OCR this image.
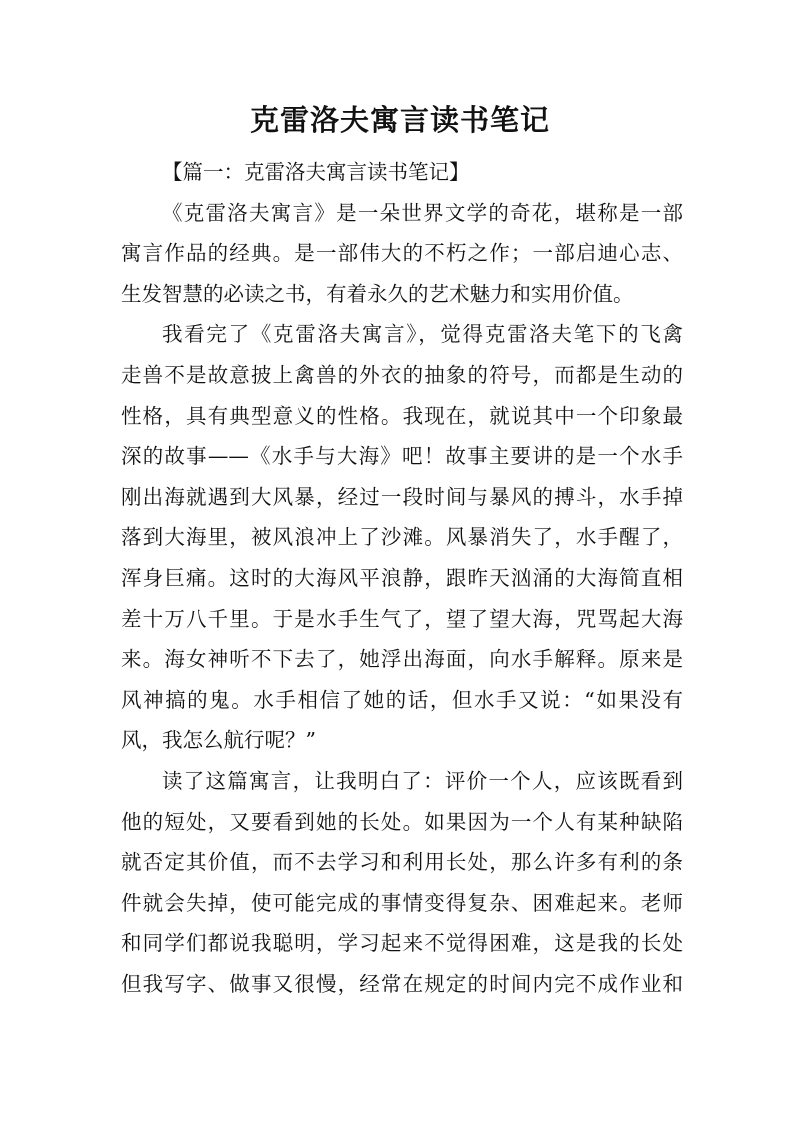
克雷洛夫寓言读书笔记
【篇一：克雷洛夫寓言读书笔记】
《克雷洛夫寓言》是一朵世界文学的奇花，堪称是一部
寓言作品的经典。是一部伟大的不朽之作；一部启迪心志、
生发智慧的必读之书，有着永久的艺术魅力和实用价值。
我看完了《克雷洛夫寓言》，觉得克雷洛夫笔下的飞禽
走兽不是故意披上禽兽的外衣的抽象的符号，而都是生动的
性格，具有典型意义的性格。我现在，就说其中一个印象最
深的故事——《水手与大海》吧！故事主要讲的是一个水手
刚出海就遇到大风暴，经过一段时间与暴风的搏斗，水手掉
落到大海里，被风浪冲上了沙滩。风暴消失了，水手醒了，
浑身巨痛。这时的大海风平浪静，跟昨天汹涌的大海简直相
差十万八千里。于是水手生气了，望了望大海，咒骂起大海
来。海女神听不下去了，她浮出海面，向水手解释。原来是
风神搞的鬼。水手相信了她的话，但水手又说：“如果没有
风，我怎么航行呢？”
读了这篇寓言，让我明白了：评价一个人，应该既看到
他的短处，又要看到她的长处。如果因为一个人有某种缺陷
就否定其价值，而不去学习和利用长处，那么许多有利的条
件就会失掉，使可能完成的事情变得复杂、困难起来。老师
和同学们都说我聪明，学习起来不觉得困难，这是我的长处
但我写字、做事又很慢，经常在规定的时间内完不成作业和
